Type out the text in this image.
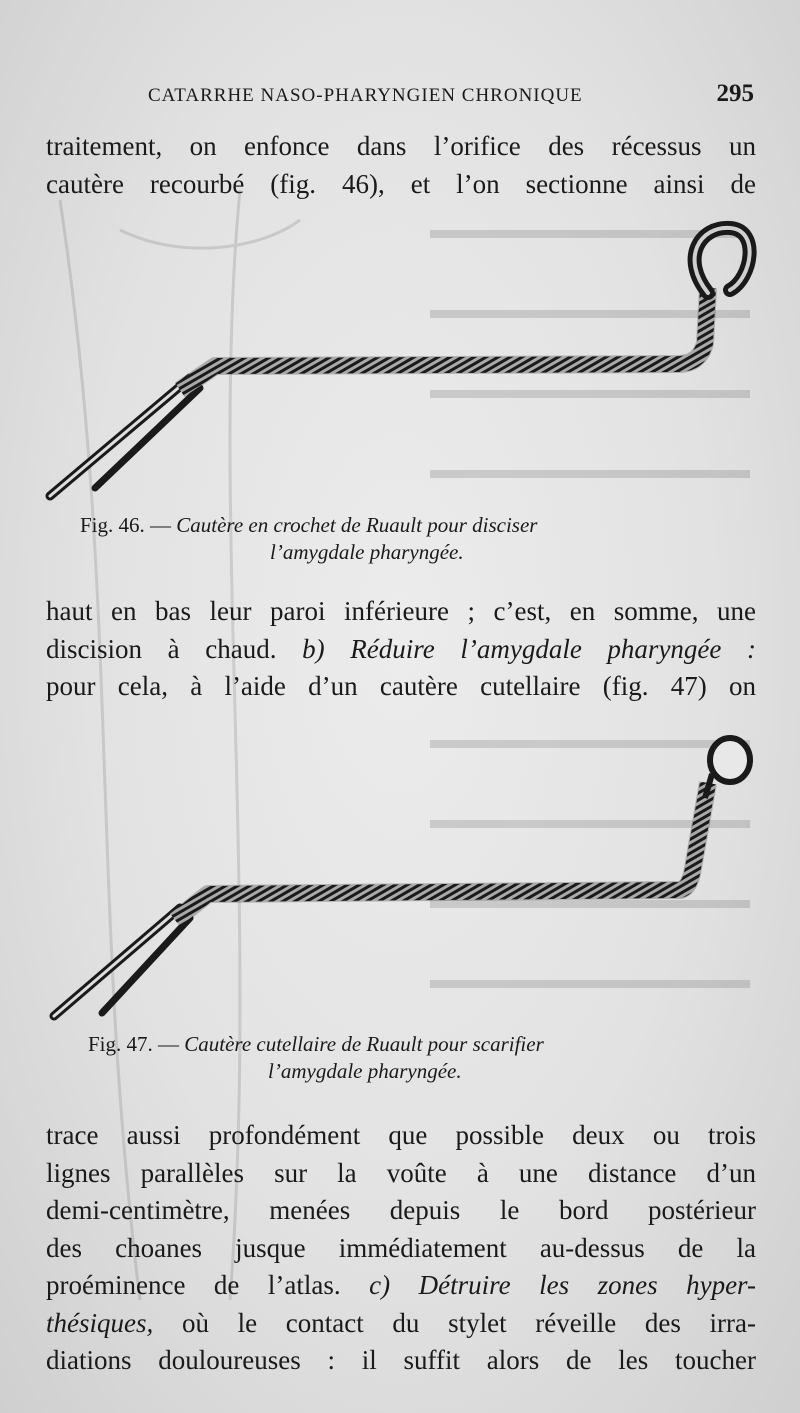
CATARRHE NASO-PHARYNGIEN CHRONIQUE	295

traitement, on enfonce dans l’orifice des récessus un
cautère recourbé (fig. 46), et l’on sectionne ainsi de

Fig. 46. — Cautère en crochet de Ruault pour disciser
l’amygdale pharyngée.

haut en bas leur paroi inférieure ; c’est, en somme, une
discision à chaud. b) Réduire l’amygdale pharyngée :
pour cela, à l’aide d’un cautère cutellaire (fig. 47) on

Fig. 47. — Cautère cutellaire de Ruault pour scarifier
l’amygdale pharyngée.

trace aussi profondément que possible deux ou trois
lignes parallèles sur la voûte à une distance d’un
demi-centimètre, menées depuis le bord postérieur
des choanes jusque immédiatement au-dessus de la
proéminence de l’atlas. c) Détruire les zones hyper-
thésiques, où le contact du stylet réveille des irra-
diations douloureuses : il suffit alors de les toucher
